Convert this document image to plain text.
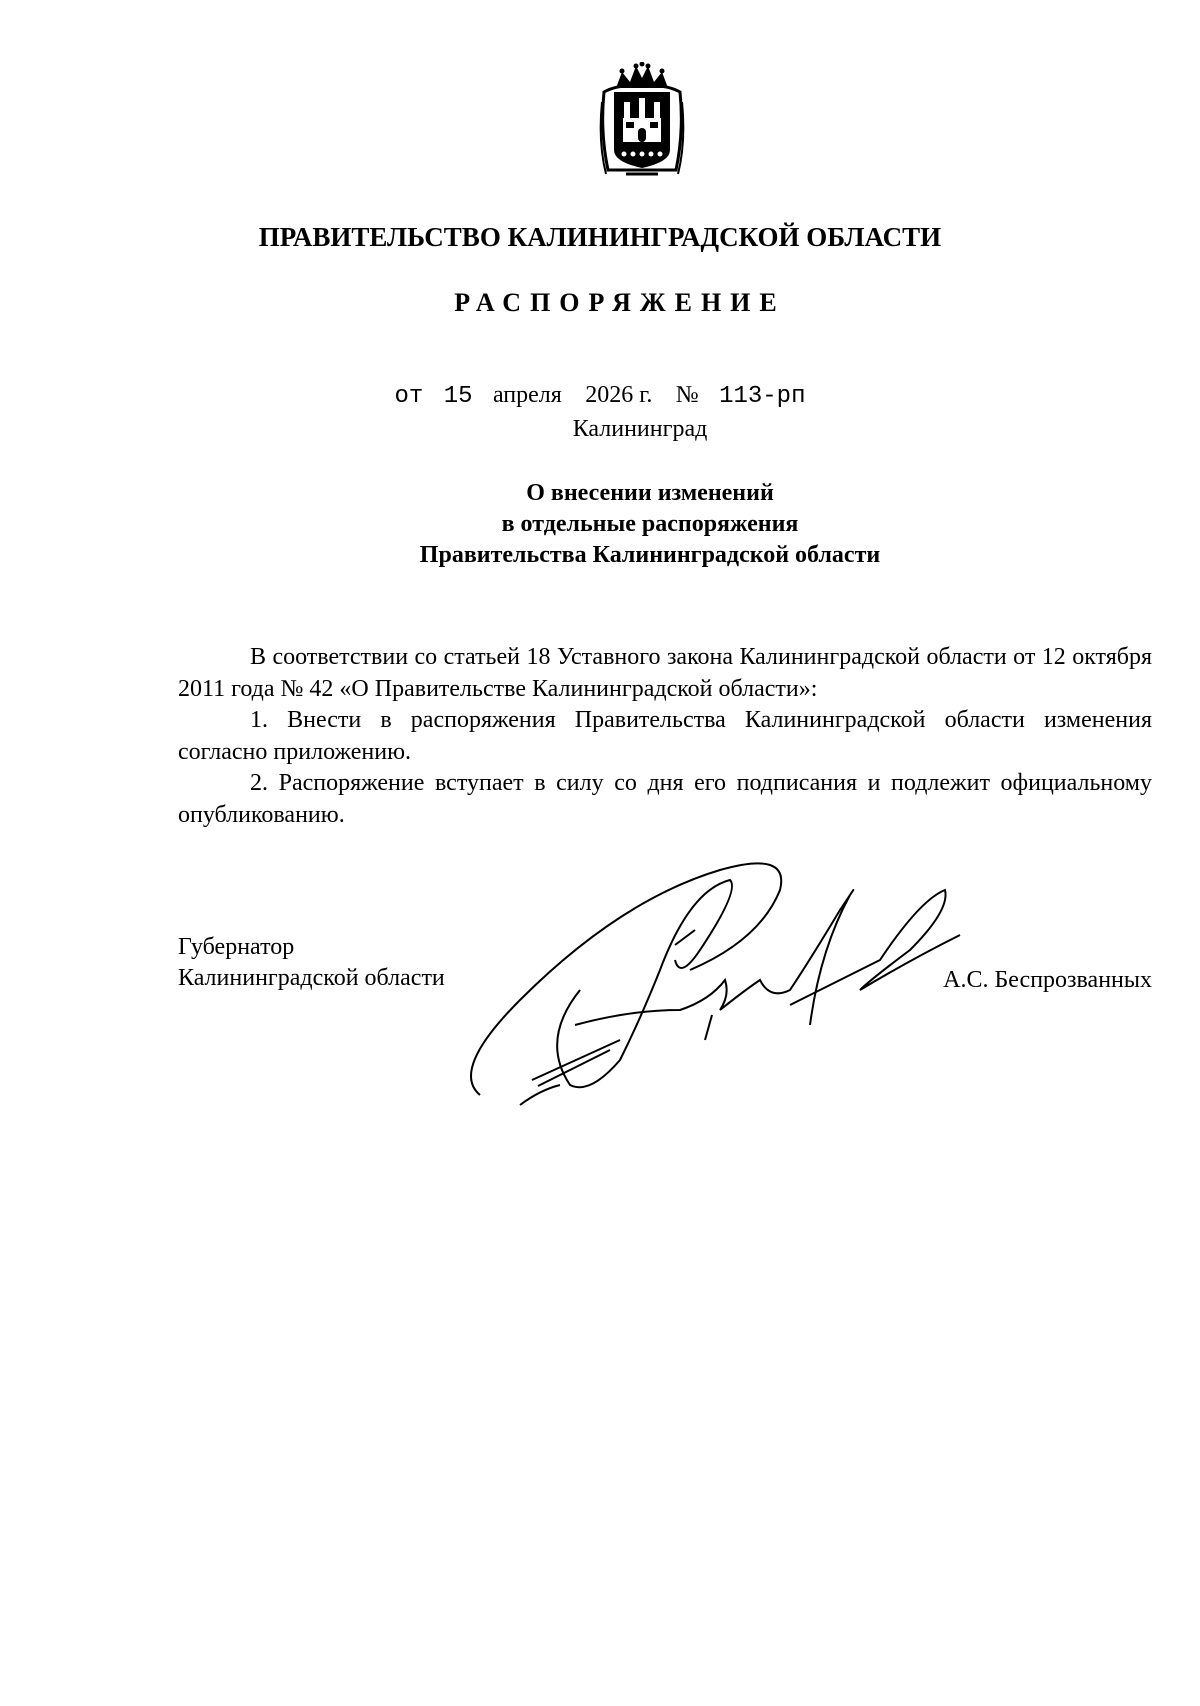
ПРАВИТЕЛЬСТВО КАЛИНИНГРАДСКОЙ ОБЛАСТИ
РАСПОРЯЖЕНИЕ
от 15 апреля 2026 г. № 113-рп
Калининград
О внесении изменений
в отдельные распоряжения
Правительства Калининградской области

В соответствии со статьей 18 Уставного закона Калининградской области от 12 октября 2011 года № 42 «О Правительстве Калининградской области»:

1. Внести в распоряжения Правительства Калининградской области изменения согласно приложению.

2. Распоряжение вступает в силу со дня его подписания и подлежит официальному опубликованию.

Губернатор
Калининградской области	А.С. Беспрозванных
